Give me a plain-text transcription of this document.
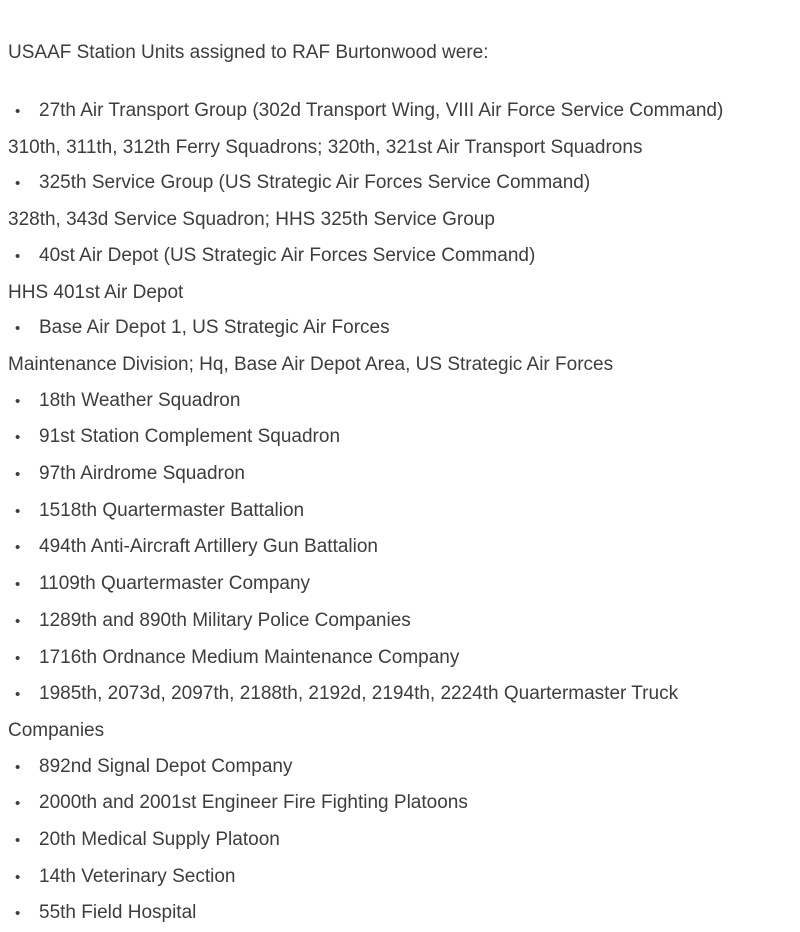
USAAF Station Units assigned to RAF Burtonwood were:

• 27th Air Transport Group (302d Transport Wing, VIII Air Force Service Command)
310th, 311th, 312th Ferry Squadrons; 320th, 321st Air Transport Squadrons
• 325th Service Group (US Strategic Air Forces Service Command)
328th, 343d Service Squadron; HHS 325th Service Group
• 40st Air Depot (US Strategic Air Forces Service Command)
HHS 401st Air Depot
• Base Air Depot 1, US Strategic Air Forces
Maintenance Division; Hq, Base Air Depot Area, US Strategic Air Forces
• 18th Weather Squadron
• 91st Station Complement Squadron
• 97th Airdrome Squadron
• 1518th Quartermaster Battalion
• 494th Anti-Aircraft Artillery Gun Battalion
• 1109th Quartermaster Company
• 1289th and 890th Military Police Companies
• 1716th Ordnance Medium Maintenance Company
• 1985th, 2073d, 2097th, 2188th, 2192d, 2194th, 2224th Quartermaster Truck
Companies
• 892nd Signal Depot Company
• 2000th and 2001st Engineer Fire Fighting Platoons
• 20th Medical Supply Platoon
• 14th Veterinary Section
• 55th Field Hospital
